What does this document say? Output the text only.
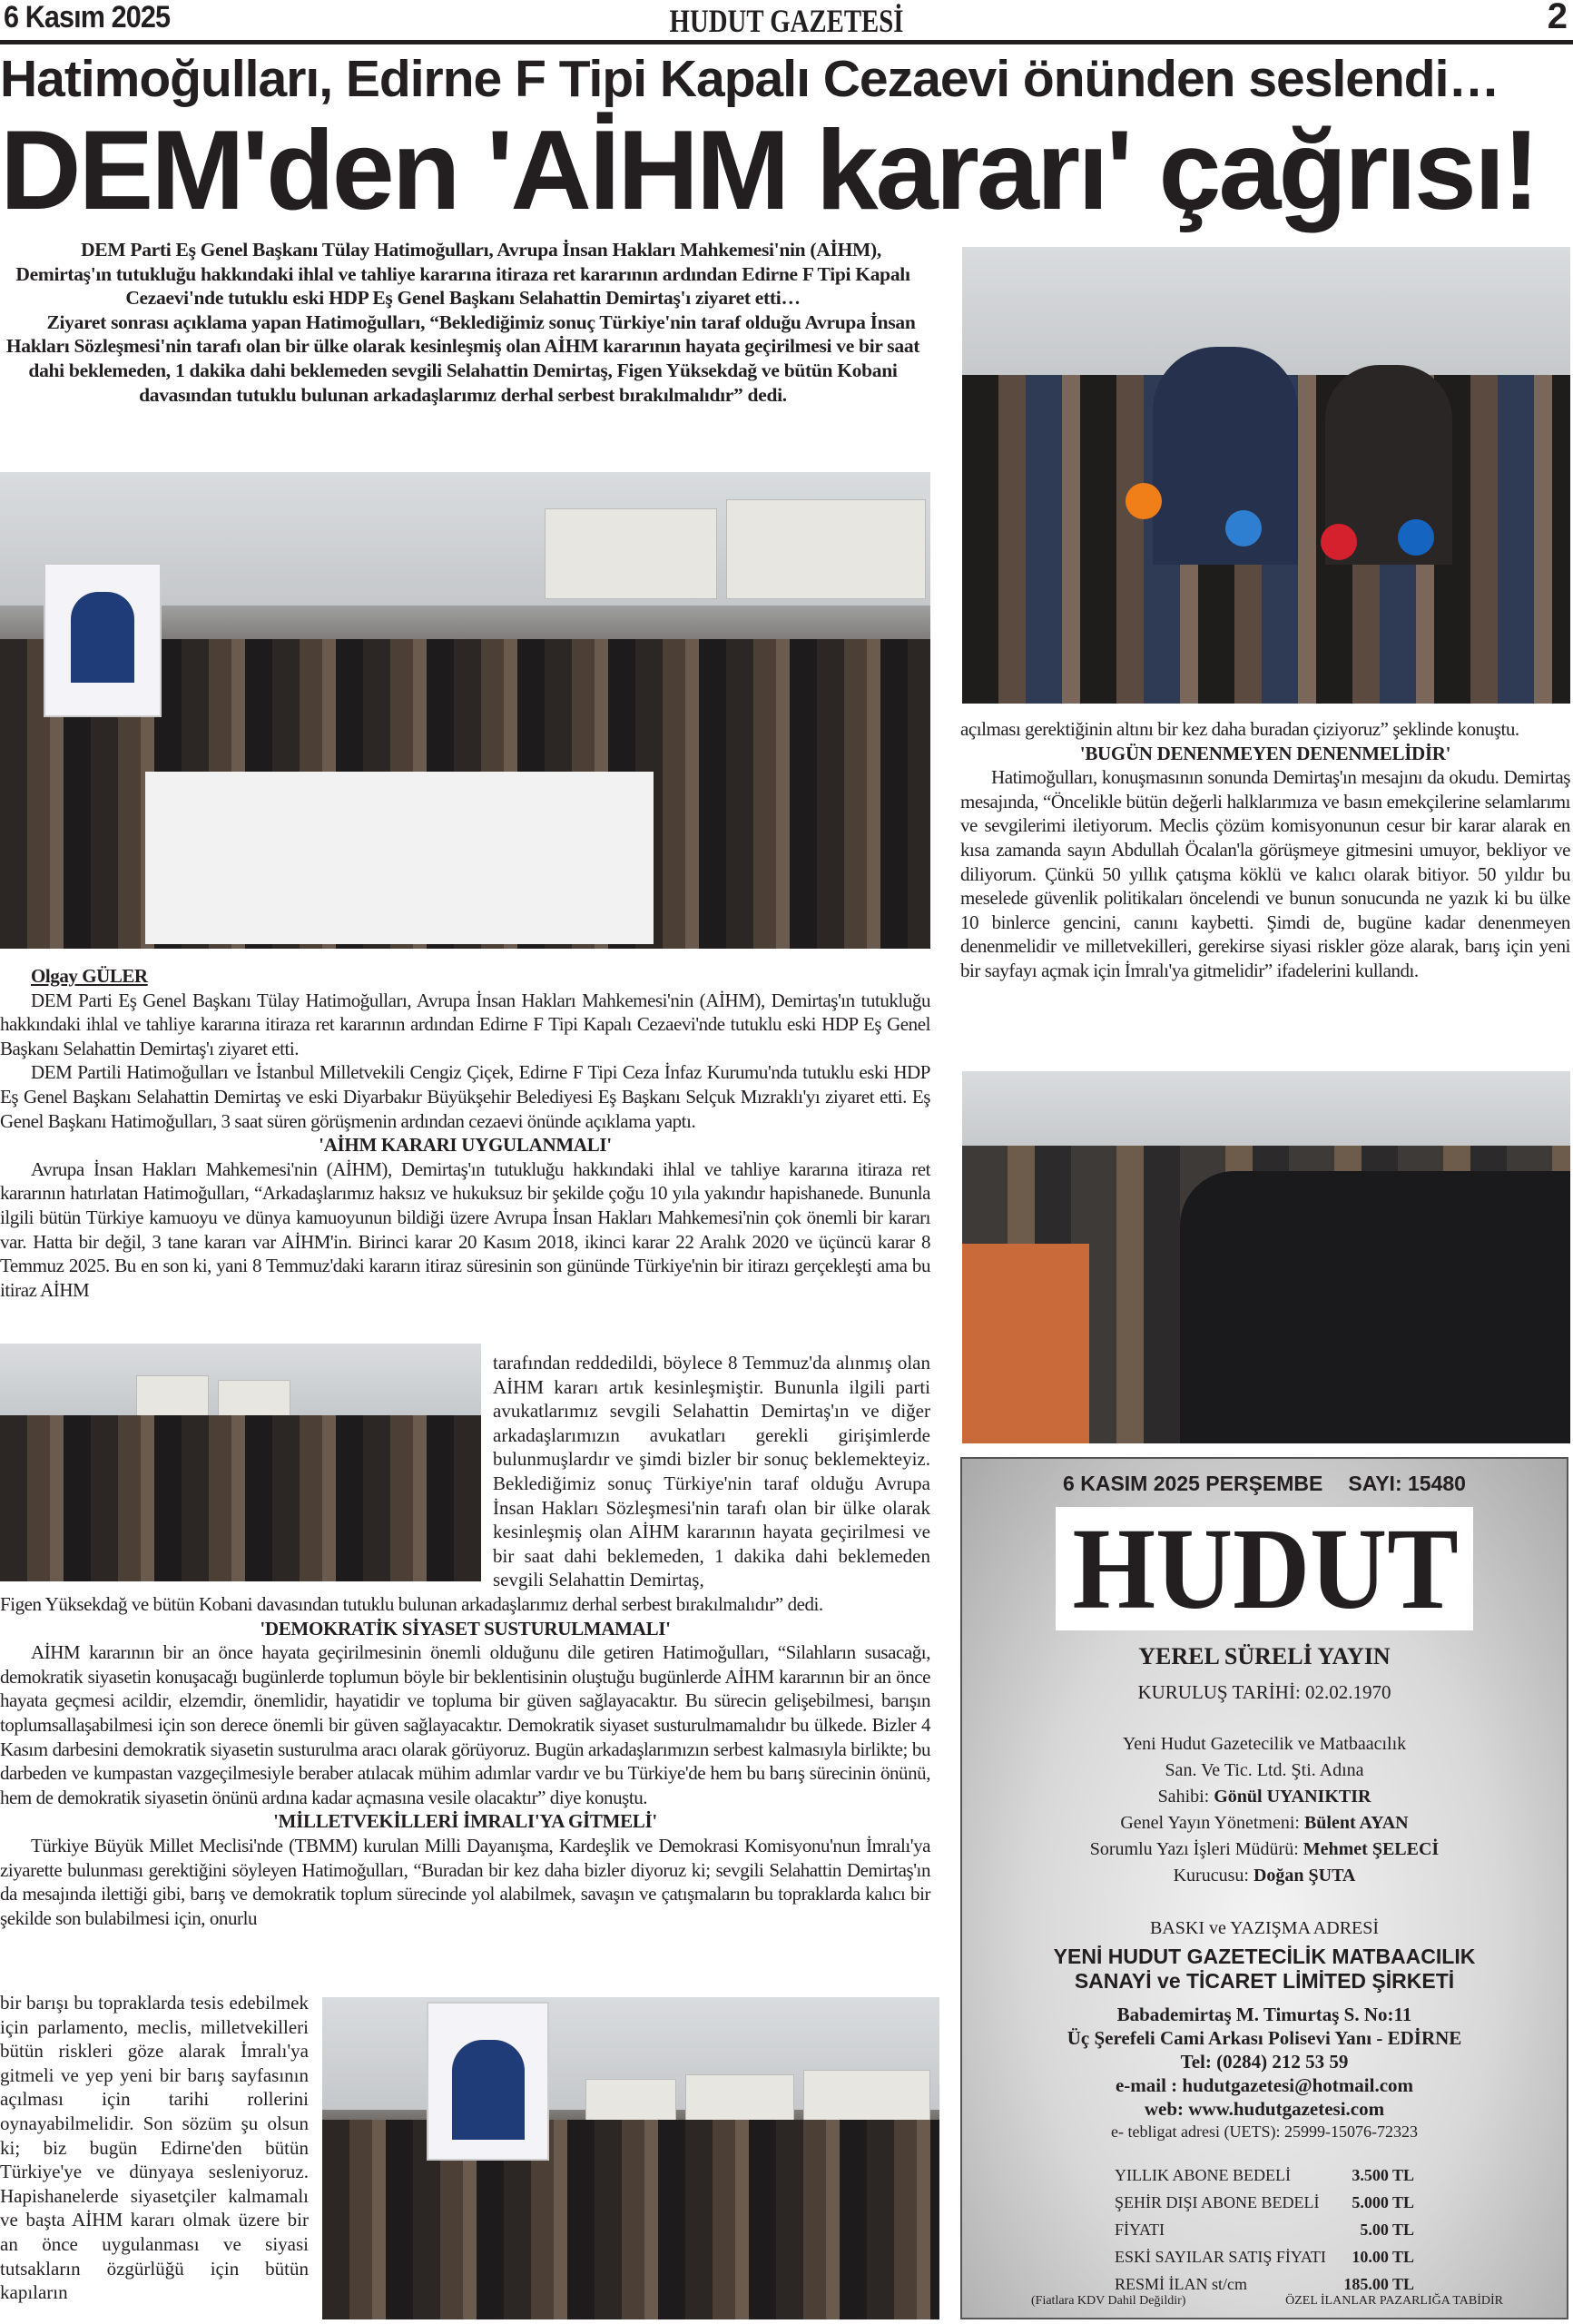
6 Kasım 2025	HUDUT GAZETESİ	2
Hatimoğulları, Edirne F Tipi Kapalı Cezaevi önünden seslendi…
DEM'den 'AİHM kararı' çağrısı!

DEM Parti Eş Genel Başkanı Tülay Hatimoğulları, Avrupa İnsan Hakları Mahkemesi'nin (AİHM), Demirtaş'ın tutukluğu hakkındaki ihlal ve tahliye kararına itiraza ret kararının ardından Edirne F Tipi Kapalı Cezaevi'nde tutuklu eski HDP Eş Genel Başkanı Selahattin Demirtaş'ı ziyaret etti…

Ziyaret sonrası açıklama yapan Hatimoğulları, “Beklediğimiz sonuç Türkiye'nin taraf olduğu Avrupa İnsan Hakları Sözleşmesi'nin tarafı olan bir ülke olarak kesinleşmiş olan AİHM kararının hayata geçirilmesi ve bir saat dahi beklemeden, 1 dakika dahi beklemeden sevgili Selahattin Demirtaş, Figen Yüksekdağ ve bütün Kobani davasından tutuklu bulunan arkadaşlarımız derhal serbest bırakılmalıdır” dedi.

Olgay GÜLER

DEM Parti Eş Genel Başkanı Tülay Hatimoğulları, Avrupa İnsan Hakları Mahkemesi'nin (AİHM), Demirtaş'ın tutukluğu hakkındaki ihlal ve tahliye kararına itiraza ret kararının ardından Edirne F Tipi Kapalı Cezaevi'nde tutuklu eski HDP Eş Genel Başkanı Selahattin Demirtaş'ı ziyaret etti.

DEM Partili Hatimoğulları ve İstanbul Milletvekili Cengiz Çiçek, Edirne F Tipi Ceza İnfaz Kurumu'nda tutuklu eski HDP Eş Genel Başkanı Selahattin Demirtaş ve eski Diyarbakır Büyükşehir Belediyesi Eş Başkanı Selçuk Mızraklı'yı ziyaret etti. Eş Genel Başkanı Hatimoğulları, 3 saat süren görüşmenin ardından cezaevi önünde açıklama yaptı.

'AİHM KARARI UYGULANMALI'

Avrupa İnsan Hakları Mahkemesi'nin (AİHM), Demirtaş'ın tutukluğu hakkındaki ihlal ve tahliye kararına itiraza ret kararının hatırlatan Hatimoğulları, “Arkadaşlarımız haksız ve hukuksuz bir şekilde çoğu 10 yıla yakındır hapishanede. Bununla ilgili bütün Türkiye kamuoyu ve dünya kamuoyunun bildiği üzere Avrupa İnsan Hakları Mahkemesi'nin çok önemli bir kararı var. Hatta bir değil, 3 tane kararı var AİHM'in. Birinci karar 20 Kasım 2018, ikinci karar 22 Aralık 2020 ve üçüncü karar 8 Temmuz 2025. Bu en son ki, yani 8 Temmuz'daki kararın itiraz süresinin son gününde Türkiye'nin bir itirazı gerçekleşti ama bu itiraz AİHM

tarafından reddedildi, böylece 8 Temmuz'da alınmış olan AİHM kararı artık kesinleşmiştir. Bununla ilgili parti avukatlarımız sevgili Selahattin Demirtaş'ın ve diğer arkadaşlarımızın avukatları gerekli girişimlerde bulunmuşlardır ve şimdi bizler bir sonuç beklemekteyiz. Beklediğimiz sonuç Türkiye'nin taraf olduğu Avrupa İnsan Hakları Sözleşmesi'nin tarafı olan bir ülke olarak kesinleşmiş olan AİHM kararının hayata geçirilmesi ve bir saat dahi beklemeden, 1 dakika dahi beklemeden sevgili Selahattin Demirtaş,

Figen Yüksekdağ ve bütün Kobani davasından tutuklu bulunan arkadaşlarımız derhal serbest bırakılmalıdır” dedi.

'DEMOKRATİK SİYASET SUSTURULMAMALI'

AİHM kararının bir an önce hayata geçirilmesinin önemli olduğunu dile getiren Hatimoğulları, “Silahların susacağı, demokratik siyasetin konuşacağı bugünlerde toplumun böyle bir beklentisinin oluştuğu bugünlerde AİHM kararının bir an önce hayata geçmesi acildir, elzemdir, önemlidir, hayatidir ve topluma bir güven sağlayacaktır. Bu sürecin gelişebilmesi, barışın toplumsallaşabilmesi için son derece önemli bir güven sağlayacaktır. Demokratik siyaset susturulmamalıdır bu ülkede. Bizler 4 Kasım darbesini demokratik siyasetin susturulma aracı olarak görüyoruz. Bugün arkadaşlarımızın serbest kalmasıyla birlikte; bu darbeden ve kumpastan vazgeçilmesiyle beraber atılacak mühim adımlar vardır ve bu Türkiye'de hem bu barış sürecinin önünü, hem de demokratik siyasetin önünü ardına kadar açmasına vesile olacaktır” diye konuştu.

'MİLLETVEKİLLERİ İMRALI'YA GİTMELİ'

Türkiye Büyük Millet Meclisi'nde (TBMM) kurulan Milli Dayanışma, Kardeşlik ve Demokrasi Komisyonu'nun İmralı'ya ziyarette bulunması gerektiğini söyleyen Hatimoğulları, “Buradan bir kez daha bizler diyoruz ki; sevgili Selahattin Demirtaş'ın da mesajında ilettiği gibi, barış ve demokratik toplum sürecinde yol alabilmek, savaşın ve çatışmaların bu topraklarda kalıcı bir şekilde son bulabilmesi için, onurlu

bir barışı bu topraklarda tesis edebilmek için parlamento, meclis, milletvekilleri bütün riskleri göze alarak İmralı'ya gitmeli ve yep yeni bir barış sayfasının açılması için tarihi rollerini oynayabilmelidir. Son sözüm şu olsun ki; biz bugün Edirne'den bütün Türkiye'ye ve dünyaya sesleniyoruz. Hapishanelerde siyasetçiler kalmamalı ve başta AİHM kararı olmak üzere bir an önce uygulanması ve siyasi tutsakların özgürlüğü için bütün kapıların

açılması gerektiğinin altını bir kez daha buradan çiziyoruz” şeklinde konuştu.

'BUGÜN DENENMEYEN DENENMELİDİR'

Hatimoğulları, konuşmasının sonunda Demirtaş'ın mesajını da okudu. Demirtaş mesajında, “Öncelikle bütün değerli halklarımıza ve basın emekçilerine selamlarımı ve sevgilerimi iletiyorum. Meclis çözüm komisyonunun cesur bir karar alarak en kısa zamanda sayın Abdullah Öcalan'la görüşmeye gitmesini umuyor, bekliyor ve diliyorum. Çünkü 50 yıllık çatışma köklü ve kalıcı olarak bitiyor. 50 yıldır bu meselede güvenlik politikaları öncelendi ve bunun sonucunda ne yazık ki bu ülke 10 binlerce gencini, canını kaybetti. Şimdi de, bugüne kadar denenmeyen denenmelidir ve milletvekilleri, gerekirse siyasi riskler göze alarak, barış için yeni bir sayfayı açmak için İmralı'ya gitmelidir” ifadelerini kullandı.

6 KASIM 2025 PERŞEMBE SAYI: 15480
HUDUT
YEREL SÜRELİ YAYIN
KURULUŞ TARİHİ: 02.02.1970
Yeni Hudut Gazetecilik ve Matbaacılık
San. Ve Tic. Ltd. Şti. Adına
Sahibi: Gönül UYANIKTIR
Genel Yayın Yönetmeni: Bülent AYAN
Sorumlu Yazı İşleri Müdürü: Mehmet ŞELECİ
Kurucusu: Doğan ŞUTA
BASKI ve YAZIŞMA ADRESİ
YENİ HUDUT GAZETECİLİK MATBAACILIK
SANAYİ ve TİCARET LİMİTED ŞİRKETİ
Babademirtaş M. Timurtaş S. No:11
Üç Şerefeli Cami Arkası Polisevi Yanı - EDİRNE
Tel: (0284) 212 53 59
e-mail : hudutgazetesi@hotmail.com
web: www.hudutgazetesi.com
e- tebligat adresi (UETS): 25999-15076-72323
YILLIK ABONE BEDELİ	3.500 TL
ŞEHİR DIŞI ABONE BEDELİ	5.000 TL
FİYATI	5.00 TL
ESKİ SAYILAR SATIŞ FİYATI	10.00 TL
RESMİ İLAN st/cm	185.00 TL
(Fiatlara KDV Dahil Değildir)	ÖZEL İLANLAR PAZARLIĞA TABİDİR
